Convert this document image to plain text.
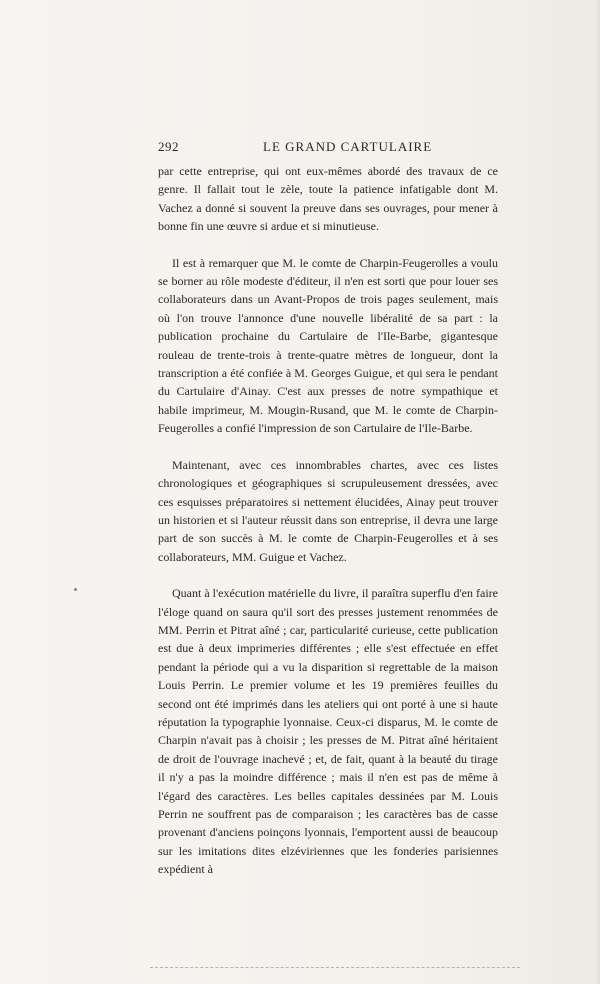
292	LE GRAND CARTULAIRE

par cette entreprise, qui ont eux-mêmes abordé des travaux de ce genre. Il fallait tout le zèle, toute la patience infatigable dont M. Vachez a donné si souvent la preuve dans ses ouvrages, pour mener à bonne fin une œuvre si ardue et si minutieuse.

Il est à remarquer que M. le comte de Charpin-Feugerolles a voulu se borner au rôle modeste d'éditeur, il n'en est sorti que pour louer ses collaborateurs dans un Avant-Propos de trois pages seulement, mais où l'on trouve l'annonce d'une nouvelle libéralité de sa part : la publication prochaine du Cartulaire de l'Ile-Barbe, gigantesque rouleau de trente-trois à trente-quatre mètres de longueur, dont la transcription a été confiée à M. Georges Guigue, et qui sera le pendant du Cartulaire d'Ainay. C'est aux presses de notre sympathique et habile imprimeur, M. Mougin-Rusand, que M. le comte de Charpin-Feugerolles a confié l'impression de son Cartulaire de l'Ile-Barbe.

Maintenant, avec ces innombrables chartes, avec ces listes chronologiques et géographiques si scrupuleusement dressées, avec ces esquisses préparatoires si nettement élucidées, Ainay peut trouver un historien et si l'auteur réussit dans son entreprise, il devra une large part de son succès à M. le comte de Charpin-Feugerolles et à ses collaborateurs, MM. Guigue et Vachez.

Quant à l'exécution matérielle du livre, il paraîtra superflu d'en faire l'éloge quand on saura qu'il sort des presses justement renommées de MM. Perrin et Pitrat aîné ; car, particularité curieuse, cette publication est due à deux imprimeries différentes ; elle s'est effectuée en effet pendant la période qui a vu la disparition si regrettable de la maison Louis Perrin. Le premier volume et les 19 premières feuilles du second ont été imprimés dans les ateliers qui ont porté à une si haute réputation la typographie lyonnaise. Ceux-ci disparus, M. le comte de Charpin n'avait pas à choisir ; les presses de M. Pitrat aîné héritaient de droit de l'ouvrage inachevé ; et, de fait, quant à la beauté du tirage il n'y a pas la moindre différence ; mais il n'en est pas de même à l'égard des caractères. Les belles capitales dessinées par M. Louis Perrin ne souffrent pas de comparaison ; les caractères bas de casse provenant d'anciens poinçons lyonnais, l'emportent aussi de beaucoup sur les imitations dites elzéviriennes que les fonderies parisiennes expédient à
